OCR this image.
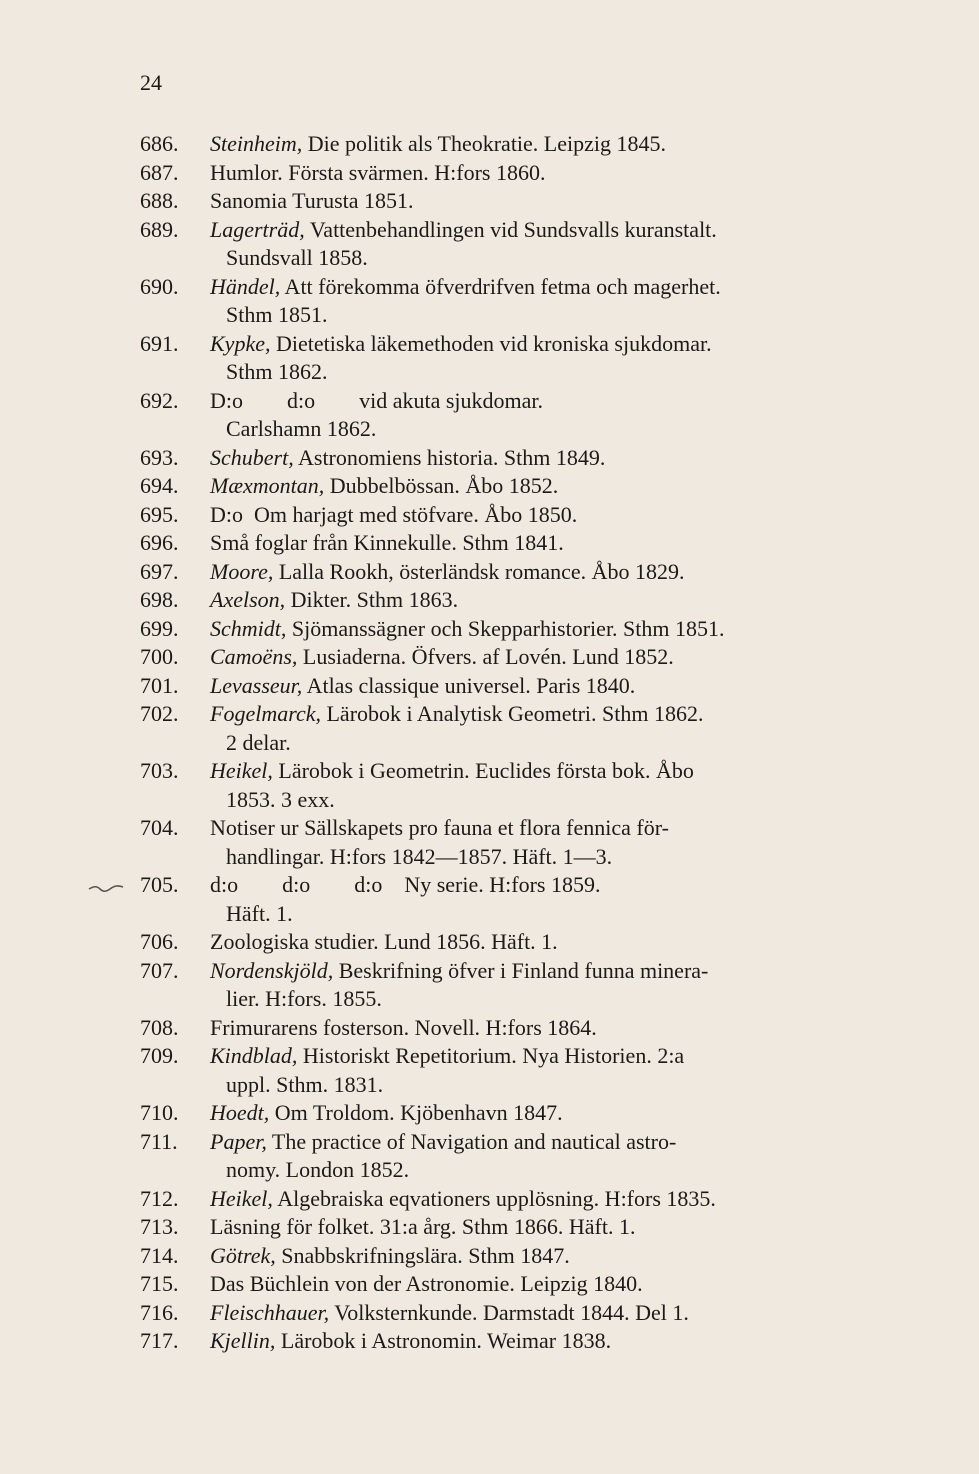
24
686.	Steinheim, Die politik als Theokratie. Leipzig 1845.
687.	Humlor. Första svärmen. H:fors 1860.
688.	Sanomia Turusta 1851.
689.	Lagerträd, Vattenbehandlingen vid Sundsvalls kuranstalt.
Sundsvall 1858.
690.	Händel, Att förekomma öfverdrifven fetma och magerhet.
Sthm 1851.
691.	Kypke, Dietetiska läkemethoden vid kroniska sjukdomar.
Sthm 1862.
692.	D:o        d:o        vid akuta sjukdomar.
Carlshamn 1862.
693.	Schubert, Astronomiens historia. Sthm 1849.
694.	Mæxmontan, Dubbelbössan. Åbo 1852.
695.	D:o  Om harjagt med stöfvare. Åbo 1850.
696.	Små foglar från Kinnekulle. Sthm 1841.
697.	Moore, Lalla Rookh, österländsk romance. Åbo 1829.
698.	Axelson, Dikter. Sthm 1863.
699.	Schmidt, Sjömanssägner och Skepparhistorier. Sthm 1851.
700.	Camoëns, Lusiaderna. Öfvers. af Lovén. Lund 1852.
701.	Levasseur, Atlas classique universel. Paris 1840.
702.	Fogelmarck, Lärobok i Analytisk Geometri. Sthm 1862.
2 delar.
703.	Heikel, Lärobok i Geometrin. Euclides första bok. Åbo
1853. 3 exx.
704.	Notiser ur Sällskapets pro fauna et flora fennica för-
handlingar. H:fors 1842—1857. Häft. 1—3.
705.	d:o        d:o        d:o    Ny serie. H:fors 1859.
Häft. 1.
706.	Zoologiska studier. Lund 1856. Häft. 1.
707.	Nordenskjöld, Beskrifning öfver i Finland funna minera-
lier. H:fors. 1855.
708.	Frimurarens fosterson. Novell. H:fors 1864.
709.	Kindblad, Historiskt Repetitorium. Nya Historien. 2:a
uppl. Sthm. 1831.
710.	Hoedt, Om Troldom. Kjöbenhavn 1847.
711.	Paper, The practice of Navigation and nautical astro-
nomy. London 1852.
712.	Heikel, Algebraiska eqvationers upplösning. H:fors 1835.
713.	Läsning för folket. 31:a årg. Sthm 1866. Häft. 1.
714.	Götrek, Snabbskrifningslära. Sthm 1847.
715.	Das Büchlein von der Astronomie. Leipzig 1840.
716.	Fleischhauer, Volksternkunde. Darmstadt 1844. Del 1.
717.	Kjellin, Lärobok i Astronomin. Weimar 1838.
